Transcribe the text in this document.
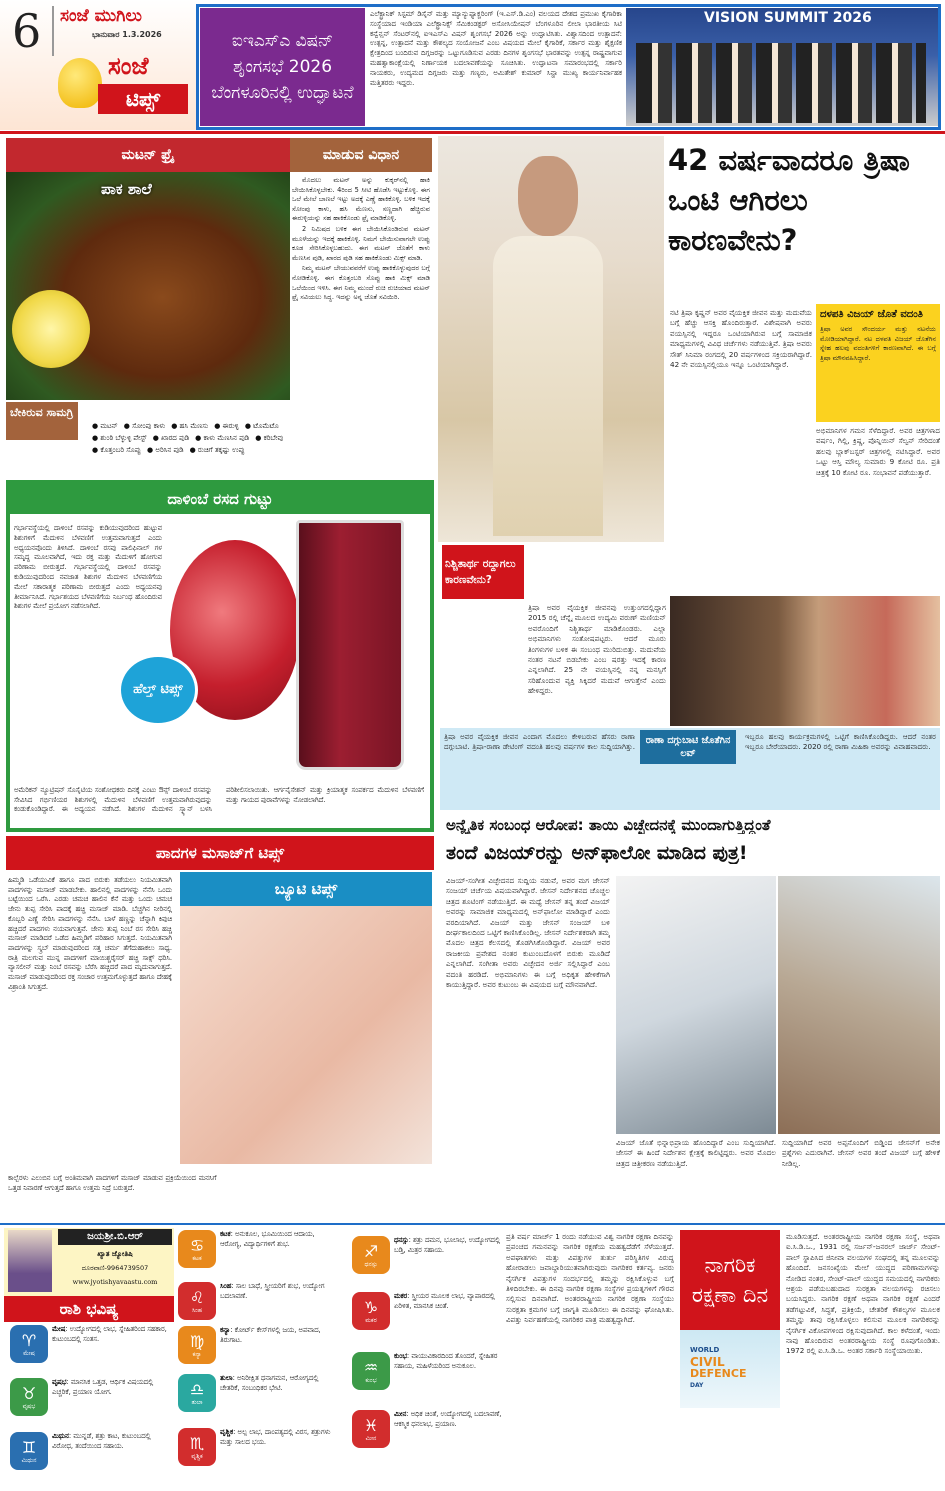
6 ಸಂಜೆ ಮುಗಿಲು
ಭಾನುವಾರ 1.3.2026
ಸಂಜೆ
ಟಿಪ್ಸ್
ಐಇಎಸ್‌ಎ ವಿಷನ್ ಶೃಂಗಸಭೆ 2026 ಬೆಂಗಳೂರಿನಲ್ಲಿ ಉದ್ಘಾಟನೆ
ಎಲೆಕ್ಟ್ರಾನಿಕ್ ಸಿಸ್ಟಮ್ ಡಿಸೈನ್ ಮತ್ತು ಮ್ಯಾನ್ಯುಫ್ಯಾಕ್ಚರಿಂಗ್ (ಇ.ಎಸ್.ಡಿ.ಎಂ) ವಲಯದ ದೇಶದ ಪ್ರಮುಖ ಕೈಗಾರಿಕಾ ಸಂಸ್ಥೆಯಾದ ಇಂಡಿಯಾ ಎಲೆಕ್ಟ್ರಾನಿಕ್ಸ್ ಸೆಮಿಕಂಡಕ್ಟರ್ ಅಸೋಸಿಯೇಷನ್ ಬೆಂಗಳೂರಿನ ಲೀಲಾ ಭಾರತೀಯ ಸಿಟಿ ಕನ್ವೆನ್ಷನ್ ಸೆಂಟರ್‌ನಲ್ಲಿ ಐಇಎಸ್‌ಎ ವಿಷನ್ ಶೃಂಗಸಭೆ 2026 ಅನ್ನು ಉದ್ಘಾಟಿಸಿತು. ವಿಶ್ವಾಸದಿಂದ ಉತ್ಪಾದನೆ: ಉತ್ಪನ್ನ, ಉತ್ಪಾದನೆ ಮತ್ತು ಕೌಶಲ್ಯದ ಸಂಯೋಜನೆ ಎಂಬ ವಿಷಯದ ಮೇಲೆ ಕೈಗಾರಿಕೆ, ಸರ್ಕಾರ ಮತ್ತು ಶೈಕ್ಷಣಿಕ ಕ್ಷೇತ್ರದಿಂದ ಬಂದಿರುವ ದಿಗ್ಗಜರನ್ನು ಒಟ್ಟುಗೂಡಿಸುವ ಎರಡು ದಿನಗಳ ಶೃಂಗಸಭೆ ಭಾರತವನ್ನು ಉತ್ಪನ್ನ ರಾಷ್ಟ್ರವಾಗುವ ಮಹತ್ವಾಕಾಂಕ್ಷೆಯಲ್ಲಿ ನಿರ್ಣಾಯಕ ಬದಲಾವಣೆಯನ್ನು ಸೂಚಿಸಿತು. ಉದ್ಘಾಟನಾ ಸಮಾರಂಭದಲ್ಲಿ ಸರ್ಕಾರಿ ನಾಯಕರು, ಉದ್ಯಮದ ದಿಗ್ಗಜರು ಮತ್ತು ಗಣ್ಯರು, ಅಮಿತೇಶ್ ಕುಮಾರ್ ಸಿನ್ಹಾ ಮುಖ್ಯ ಕಾರ್ಯನಿರ್ವಾಹಕ ಮತ್ತಿತರರು ಇದ್ದರು.
VISION SUMMIT 2026
ಮಟನ್ ಫ್ರೈ	ಮಾಡುವ ವಿಧಾನ
ಪಾಕ ಶಾಲೆ
ಬೇಕಿರುವ ಸಾಮಗ್ರಿ
● ಮಟನ್ ● ಸೋಂಪು ಕಾಳು ● ಹಸಿ ಮೆಣಸು ● ಈರುಳ್ಳಿ ● ಟೊಮೆಟೊ● ಶುಂಠಿ ಬೆಳ್ಳುಳ್ಳಿ ಪೇಸ್ಟ್ ● ಖಾರದ ಪುಡಿ ● ಕಾಳು ಮೆಣಸಿನ ಪುಡಿ ● ಕರಿಬೇವು● ಕೊತ್ತಂಬರಿ ಸೊಪ್ಪು ● ಅರಿಸಿನ ಪುಡಿ ● ರುಚಿಗೆ ತಕ್ಕಷ್ಟು ಉಪ್ಪು

ಮೊದಲು ಮಟನ್ ಅನ್ನು ಕುಕ್ಕರ್‌ನಲ್ಲಿ ಹಾಕಿ ಬೇಯಿಸಿಕೊಳ್ಳಬೇಕು. 4ರಿಂದ 5 ಸೀಟಿ ಹೊಡೆಸಿ ಇಟ್ಟುಕೊಳ್ಳಿ. ಈಗ ಒಲೆ ಮೇಲೆ ಬಾಣಲೆ ಇಟ್ಟು ಅದಕ್ಕೆ ಎಣ್ಣೆ ಹಾಕಿಕೊಳ್ಳಿ. ಬಳಿಕ ಇದಕ್ಕೆ ಸೋಂಪು ಕಾಳು, ಹಸಿ ಮೆಣಸು, ಸಣ್ಣದಾಗಿ ಹೆಚ್ಚಿರುವ ಈರುಳ್ಳಿಯನ್ನು ಸಹ ಹಾಕಿಕೊಂಡು ಫ್ರೈ ಮಾಡಿಕೊಳ್ಳಿ.

2 ನಿಮಿಷದ ಬಳಿಕ ಈಗ ಬೇಯಿಸಿಕೊಂಡಿರುವ ಮಟನ್ ಮೂಳೆಯನ್ನು ಇದಕ್ಕೆ ಹಾಕಿಕೊಳ್ಳಿ. ನಿಮಗೆ ಬೇಯಿಸುವಾಗಲೇ ಉಪ್ಪು ಕೂಡ ಸೇರಿಸಿಕೊಳ್ಳಬಹುದು. ಈಗ ಮಟನ್ ಜೊತೆಗೆ ಕಾಳು ಮೆಣಸಿನ ಪುಡಿ, ಖಾರದ ಪುಡಿ ಸಹ ಹಾಕಿಕೊಂಡು ಮಿಕ್ಸ್ ಮಾಡಿ.

ನಿಮ್ಮ ಮಟನ್ ಬೇಯುವವರೆಗೆ ಉಪ್ಪು ಹಾಕಿಕೊಳ್ಳುವುದರ ಬಗ್ಗೆ ನೋಡಿಕೊಳ್ಳಿ. ಈಗ ಕೊತ್ತಂಬರಿ ಸೊಪ್ಪು ಹಾಕಿ ಮಿಕ್ಸ್ ಮಾಡಿ ಒಲೆಯಿಂದ ಇಳಿಸಿ. ಈಗ ನಿಮ್ಮ ಮುಂದೆ ರುಚಿ ರುಚಿಯಾದ ಮಟನ್ ಫ್ರೈ ಸವಿಯಲು ಸಿದ್ಧ. ಇದನ್ನು ಅನ್ನ ಜೊತೆ ಸವಿಯಿರಿ.

ದಾಳಿಂಬೆ ರಸದ ಗುಟ್ಟು
ಗರ್ಭಾವಸ್ಥೆಯಲ್ಲಿ ದಾಳಿಂಬೆ ರಸವನ್ನು ಕುಡಿಯುವುದರಿಂದ ಹುಟ್ಟುವ ಶಿಶುಗಳಿಗೆ ಮೆದುಳಿನ ಬೆಳವಣಿಗೆ ಉತ್ತಮವಾಗುತ್ತದೆ ಎಂದು ಅಧ್ಯಯನವೊಂದು ತಿಳಿಸಿದೆ. ದಾಳಿಂಬೆ ರಸವು ಪಾಲಿಫಿನಾಲ್ ಗಳ ಸಮೃದ್ಧ ಮೂಲವಾಗಿದೆ, ಇದು ರಕ್ತ ಮತ್ತು ಮೆದುಳಿಗೆ ಹೋಗುವ ಪರಿಣಾಮ ಬೀರುತ್ತದೆ. ಗರ್ಭಾವಸ್ಥೆಯಲ್ಲಿ ದಾಳಿಂಬೆ ರಸವನ್ನು ಕುಡಿಯುವುದರಿಂದ ನವಜಾತ ಶಿಶುಗಳ ಮೆದುಳಿನ ಬೆಳವಣಿಗೆಯ ಮೇಲೆ ಸಕಾರಾತ್ಮಕ ಪರಿಣಾಮ ಬೀರುತ್ತದೆ ಎಂದು ಅಧ್ಯಯನವು ತೀರ್ಮಾನಿಸಿದೆ. ಗರ್ಭಾಶಯದ ಬೆಳವಣಿಗೆಯ ನಿರ್ಬಂಧ ಹೊಂದಿರುವ ಶಿಶುಗಳ ಮೇಲೆ ಪ್ರಯೋಗ ನಡೆಸಲಾಗಿದೆ.
ಹೆಲ್ತ್ ಟಿಪ್ಸ್
ಅಮೆರಿಕನ್ ನ್ಯೂಟ್ರಿಷನ್ ಸೊಸೈಟಿಯ ಸಂಶೋಧಕರು ದಿನಕ್ಕೆ ಎಂಟು ಔನ್ಸ್ ದಾಳಿಂಬೆ ರಸವನ್ನು ಸೇವಿಸಿದ ಗರ್ಭಿಣಿಯರ ಶಿಶುಗಳಲ್ಲಿ ಮೆದುಳಿನ ಬೆಳವಣಿಗೆ ಉತ್ತಮವಾಗಿರುವುದನ್ನು ಕಂಡುಕೊಂಡಿದ್ದಾರೆ. ಈ ಅಧ್ಯಯನ ನಡೆಸಿದೆ. ಶಿಶುಗಳ ಮೆದುಳಿನ ಸ್ಕ್ಯಾನ್ ಬಳಸಿ ಪರಿಶೀಲಿಸಲಾಯಿತು. ಆರ್ಗನೈಸೇಶನ್ ಮತ್ತು ಕ್ರಿಯಾತ್ಮಕ ಸಂಪರ್ಕದ ಮೆದುಳಿನ ಬೆಳವಣಿಗೆ ಮತ್ತು ಗಾಯದ ಪುರಾವೆಗಳನ್ನು ನೋಡಲಾಗಿದೆ.
ಪಾದಗಳ ಮಸಾಜ್‌ಗೆ ಟಿಪ್ಸ್
ಹಿಮ್ಮಡಿ ಒಡೆಯುವಿಕೆ ಹಾಗೂ ಪಾದ ಬಿರುಕು ತಡೆಯಲು ನಿಯಮಿತವಾಗಿ ಪಾದಗಳನ್ನು ಮಸಾಜ್ ಮಾಡಬೇಕು. ಹಾಲಿನಲ್ಲಿ ಪಾದಗಳನ್ನು ನೆನೆಸಿ ಒಂದು ಬಟ್ಟೆಯಿಂದ ಒರೆಸಿ. ಎರಡು ಚಮಚ ಹಾಲಿನ ಕೆನೆ ಮತ್ತು ಒಂದು ಚಮಚ ಜೇನು ತುಪ್ಪ ಸೇರಿಸಿ ಪಾದಕ್ಕೆ ಹಚ್ಚಿ ಮಸಾಜ್ ಮಾಡಿ. ಬೆಚ್ಚಗಿನ ನೀರಿನಲ್ಲಿ ಕೊಬ್ಬರಿ ಎಣ್ಣೆ ಸೇರಿಸಿ ಪಾದಗಳನ್ನು ನೆನೆಸಿ. ಬಾಳೆ ಹಣ್ಣನ್ನು ಚೆನ್ನಾಗಿ ಕಿವುಚಿ ಹಚ್ಚಿದರೆ ಪಾದಗಳು ನಯವಾಗುತ್ತವೆ. ಜೇನು ತುಪ್ಪ ನಿಂಬೆ ರಸ ಸೇರಿಸಿ ಹಚ್ಚಿ ಮಸಾಜ್ ಮಾಡಿದರೆ ಒಡೆದ ಹಿಮ್ಮಡಿಗೆ ಪರಿಹಾರ ಸಿಗುತ್ತದೆ. ನಿಯಮಿತವಾಗಿ ಪಾದಗಳನ್ನು ಸ್ಕ್ರಬ್ ಮಾಡುವುದರಿಂದ ಸತ್ತ ಚರ್ಮ ತೆಗೆದುಹಾಕಲು ಸಾಧ್ಯ. ರಾತ್ರಿ ಮಲಗುವ ಮುನ್ನ ಪಾದಗಳಿಗೆ ಮಾಯಿಶ್ಚರೈಸರ್ ಹಚ್ಚಿ ಸಾಕ್ಸ್ ಧರಿಸಿ. ವ್ಯಾಸಲೀನ್ ಮತ್ತು ನಿಂಬೆ ರಸವನ್ನು ಬೆರೆಸಿ ಹಚ್ಚಿದರೆ ಪಾದ ಮೃದುವಾಗುತ್ತದೆ. ಮಸಾಜ್ ಮಾಡುವುದರಿಂದ ರಕ್ತ ಸಂಚಾರ ಉತ್ತಮಗೊಳ್ಳುತ್ತದೆ ಹಾಗೂ ದೇಹಕ್ಕೆ ವಿಶ್ರಾಂತಿ ಸಿಗುತ್ತದೆ.
ಬ್ಯೂಟಿ ಟಿಪ್ಸ್
ಕಾಲ್ಬೆರಳು ಎಲುಬಿನ ಬಗ್ಗೆ ಅಂತಿಮವಾಗಿ ಪಾದಗಳಿಗೆ ಮಸಾಜ್ ಮಾಡುವ ಪ್ರಕ್ರಿಯೆಯಿಂದ ಮನಸಿಗೆ ಒತ್ತಡ ನಿವಾರಣೆ ಆಗುತ್ತದೆ ಹಾಗೂ ಉತ್ತಮ ನಿದ್ರೆ ಬರುತ್ತದೆ.
42 ವರ್ಷವಾದರೂ ತ್ರಿಷಾ ಒಂಟಿ ಆಗಿರಲು ಕಾರಣವೇನು?
ನಟಿ ತ್ರಿಷಾ ಕೃಷ್ಣನ್ ಅವರ ವೈಯಕ್ತಿಕ ಜೀವನ ಮತ್ತು ಮದುವೆಯ ಬಗ್ಗೆ ಹೆಚ್ಚು ಆಸಕ್ತಿ ಹೊಂದಿರುತ್ತಾರೆ. ವಿಶೇಷವಾಗಿ ಅವರು ವಯಸ್ಸಿನಲ್ಲಿ ಇದ್ದರೂ ಒಂಟಿಯಾಗಿರುವ ಬಗ್ಗೆ ಸಾಮಾಜಿಕ ಮಾಧ್ಯಮಗಳಲ್ಲಿ ವಿವಿಧ ಚರ್ಚೆಗಳು ನಡೆಯುತ್ತಿವೆ. ತ್ರಿಷಾ ಅವರು ಸೌತ್ ಸಿನಿಮಾ ರಂಗದಲ್ಲಿ 20 ವರ್ಷಗಳಿಂದ ಸಕ್ರಿಯರಾಗಿದ್ದಾರೆ. 42 ನೇ ವಯಸ್ಸಿನಲ್ಲಿಯೂ ಇನ್ನೂ ಒಂಟಿಯಾಗಿದ್ದಾರೆ.
ದಳಪತಿ ವಿಜಯ್ ಜೊತೆ ವದಂತಿ
ತ್ರಿಷಾ ಅವರ ಸೌಂದರ್ಯ ಮತ್ತು ನಟನೆಯ ಮೋಡಿಯಾಗಿದ್ದಾರೆ. ನಟ ದಳಪತಿ ವಿಜಯ್ ಜೊತೆಗಿನ ಸ್ನೇಹ ಹಲವು ವದಂತಿಗಳಿಗೆ ಕಾರಣವಾಗಿದೆ. ಈ ಬಗ್ಗೆ ತ್ರಿಷಾ ಮೌನವಹಿಸಿದ್ದಾರೆ.
ಅಭಿಮಾನಿಗಳ ಗಮನ ಸೆಳೆದಿದ್ದಾರೆ. ಅವರ ಚಿತ್ರಗಳಾದ ವರ್ಷಂ, ಗಿಲ್ಲಿ, ಕ್ರಿಷ್ಣ, ಪೊನ್ನಿಯಿನ್ ಸೆಲ್ವನ್ ಸೇರಿದಂತೆ ಹಲವು ಬ್ಲಾಕ್‌ಬಸ್ಟರ್ ಚಿತ್ರಗಳಲ್ಲಿ ನಟಿಸಿದ್ದಾರೆ. ಅವರ ಒಟ್ಟು ಆಸ್ತಿ ಮೌಲ್ಯ ಸುಮಾರು 9 ಕೋಟಿ ರೂ. ಪ್ರತಿ ಚಿತ್ರಕ್ಕೆ 10 ಕೋಟಿ ರೂ. ಸಂಭಾವನೆ ಪಡೆಯುತ್ತಾರೆ.
ನಿಶ್ಚಿತಾರ್ಥ ರದ್ದಾಗಲು ಕಾರಣವೇನು?
ತ್ರಿಷಾ ಅವರ ವೈಯಕ್ತಿಕ ಜೀವನವು ಉತ್ತುಂಗದಲ್ಲಿದ್ದಾಗ 2015 ರಲ್ಲಿ ಚೆನ್ನೈ ಮೂಲದ ಉದ್ಯಮಿ ವರುಣ್ ಮಣಿಯನ್ ಅವರೊಂದಿಗೆ ನಿಶ್ಚಿತಾರ್ಥ ಮಾಡಿಕೊಂಡರು. ಎಲ್ಲಾ ಅಭಿಮಾನಿಗಳು ಸಂತೋಷಪಟ್ಟರು. ಆದರೆ ಮೂರು ತಿಂಗಳುಗಳ ಬಳಿಕ ಈ ಸಂಬಂಧ ಮುರಿದುಬಿತ್ತು. ಮದುವೆಯ ನಂತರ ನಟನೆ ಬಿಡಬೇಕು ಎಂಬ ಷರತ್ತು ಇದಕ್ಕೆ ಕಾರಣ ಎನ್ನಲಾಗಿದೆ. 25 ನೇ ವಯಸ್ಸಿನಲ್ಲಿ ನನ್ನ ಮನಸ್ಸಿಗೆ ಸರಿಹೊಂದುವ ವ್ಯಕ್ತಿ ಸಿಕ್ಕಿದರೆ ಮದುವೆ ಆಗುತ್ತೇನೆ ಎಂದು ಹೇಳಿದ್ದರು.
ರಾಣಾ ದಗ್ಗುಬಾಟಿ ಜೊತೆಗಿನ ಲವ್
ತ್ರಿಷಾ ಅವರ ವೈಯಕ್ತಿಕ ಜೀವನ ಎಂದಾಗ ಮೊದಲು ಕೇಳಿಬರುವ ಹೆಸರು ರಾಣಾ ದಗ್ಗುಬಾಟಿ. ತ್ರಿಷಾ-ರಾಣಾ ಡೇಟಿಂಗ್ ವದಂತಿ ಹಲವು ವರ್ಷಗಳ ಕಾಲ ಸುದ್ದಿಯಾಗಿತ್ತು. ಇಬ್ಬರೂ ಹಲವು ಕಾರ್ಯಕ್ರಮಗಳಲ್ಲಿ ಒಟ್ಟಿಗೆ ಕಾಣಿಸಿಕೊಂಡಿದ್ದರು. ಆದರೆ ನಂತರ ಇಬ್ಬರೂ ಬೇರೆಯಾದರು. 2020 ರಲ್ಲಿ ರಾಣಾ ಮಿಹಿಕಾ ಅವರನ್ನು ವಿವಾಹವಾದರು.
ಅನ್ಯೈತಿಕ ಸಂಬಂಧ ಆರೋಪ: ತಾಯಿ ವಿಚ್ಛೇದನಕ್ಕೆ ಮುಂದಾಗುತ್ತಿದ್ದಂತೆ
ತಂದೆ ವಿಜಯ್‌ರನ್ನು ಅನ್‌ಫಾಲೋ ಮಾಡಿದ ಪುತ್ರ!
ವಿಜಯ್-ಸಂಗೀತ ವಿಚ್ಛೇದನದ ಸುದ್ದಿಯ ನಡುವೆ, ಅವರ ಮಗ ಜೇಸನ್ ಸಂಜಯ್ ಚರ್ಚೆಯ ವಿಷಯವಾಗಿದ್ದಾರೆ. ಜೇಸನ್ ನಿರ್ದೇಶನದ ಚೊಚ್ಚಲ ಚಿತ್ರದ ಶೂಟಿಂಗ್ ನಡೆಯುತ್ತಿದೆ. ಈ ಮಧ್ಯೆ ಜೇಸನ್ ತನ್ನ ತಂದೆ ವಿಜಯ್ ಅವರನ್ನು ಸಾಮಾಜಿಕ ಮಾಧ್ಯಮದಲ್ಲಿ ಅನ್‌ಫಾಲೋ ಮಾಡಿದ್ದಾರೆ ಎಂದು ವರದಿಯಾಗಿದೆ. ವಿಜಯ್ ಮತ್ತು ಜೇಸನ್ ಸಂಜಯ್ ಬಳಿ ದೀರ್ಘಕಾಲದಿಂದ ಒಟ್ಟಿಗೆ ಕಾಣಿಸಿಕೊಂಡಿಲ್ಲ. ಜೇಸನ್ ನಿರ್ದೇಶಕರಾಗಿ ತಮ್ಮ ಮೊದಲ ಚಿತ್ರದ ಕೆಲಸದಲ್ಲಿ ತೊಡಗಿಸಿಕೊಂಡಿದ್ದಾರೆ. ವಿಜಯ್ ಅವರ ರಾಜಕೀಯ ಪ್ರವೇಶದ ನಂತರ ಕುಟುಂಬದೊಳಗೆ ಬಿರುಕು ಮೂಡಿದೆ ಎನ್ನಲಾಗಿದೆ. ಸಂಗೀತಾ ಅವರು ವಿಚ್ಛೇದನ ಅರ್ಜಿ ಸಲ್ಲಿಸಿದ್ದಾರೆ ಎಂಬ ವದಂತಿ ಹರಡಿದೆ. ಅಭಿಮಾನಿಗಳು ಈ ಬಗ್ಗೆ ಅಧಿಕೃತ ಹೇಳಿಕೆಗಾಗಿ ಕಾಯುತ್ತಿದ್ದಾರೆ. ಅವರ ಕುಟುಂಬ ಈ ವಿಷಯದ ಬಗ್ಗೆ ಮೌನವಾಗಿದೆ.
ವಿಜಯ್ ಜೊತೆ ಭಿನ್ನಾಭಿಪ್ರಾಯ ಹೊಂದಿದ್ದಾರೆ ಎಂಬ ಸುದ್ದಿಯಾಗಿದೆ. ಜೇಸನ್ ಈ ಹಿಂದೆ ನಿರ್ದೇಶನ ಕ್ಷೇತ್ರಕ್ಕೆ ಕಾಲಿಟ್ಟಿದ್ದರು. ಅವರ ಮೊದಲ ಚಿತ್ರದ ಚಿತ್ರೀಕರಣ ನಡೆಯುತ್ತಿದೆ.
ಸುದ್ದಿಯಾಗಿದೆ ಅವರ ಅಪ್ಪನೊಂದಿಗೆ ಬಿಡ್ಡಿಂದ ಜೇಸನ್‌ಗೆ ಅನೇಕ ಪ್ರಶ್ನೆಗಳು ಎದುರಾಗಿವೆ. ಜೇಸನ್ ಅವರ ತಂದೆ ವಿಜಯ್ ಬಗ್ಗೆ ಹೇಳಿಕೆ ನೀಡಿಲ್ಲ.
ಜಯಶ್ರೀ.ಬಿ.ಆರ್
ಖ್ಯಾತ ಜ್ಯೋತಿಷಿ
ದೂರವಾಣಿ-9964739507
www.jyotishyavaastu.com
ರಾಶಿ ಭವಿಷ್ಯ
♈
ಮೇಷ
ಮೇಷ: ಉದ್ಯೋಗದಲ್ಲಿ ಲಾಭ, ಸ್ನೇಹಿತರಿಂದ ಸಹಕಾರ, ಕುಟುಂಬದಲ್ಲಿ ಸಂತಸ.
♉
ವೃಷಭ
ವೃಷಭ: ಮಾನಸಿಕ ಒತ್ತಡ, ಆರ್ಥಿಕ ವಿಷಯದಲ್ಲಿ ಎಚ್ಚರಿಕೆ, ಪ್ರಯಾಣ ಯೋಗ.
♊
ಮಿಥುನ
ಮಿಥುನ: ಮುನ್ನಡೆ, ಶತ್ರು ಕಾಟ, ಕುಟುಂಬದಲ್ಲಿ ವಿರೋಧ, ತಂದೆಯಿಂದ ಸಹಾಯ.
♋
ಕಟಕ
ಕಟಕ: ಅನುಕೂಲ, ಭೂಮಿಯಿಂದ ಆದಾಯ, ಆರೋಗ್ಯ, ವಿದ್ಯಾರ್ಥಿಗಳಿಗೆ ಶುಭ.
♌
ಸಿಂಹ
ಸಿಂಹ: ಸಾಲ ಬಾಧೆ, ಸ್ತ್ರೀಯರಿಗೆ ಶುಭ, ಉದ್ಯೋಗ ಬದಲಾವಣೆ.
♍
ಕನ್ಯಾ
ಕನ್ಯಾ: ಕೋರ್ಟ್ ಕೇಸ್‌ಗಳಲ್ಲಿ ಜಯ, ಅಪವಾದ, ತಿರುಗಾಟ.
♎
ತುಲಾ
ತುಲಾ: ಅನಿರೀಕ್ಷಿತ ಧನಾಗಮನ, ಆರೋಗ್ಯದಲ್ಲಿ ಚೇತರಿಕೆ, ಸಂಬಂಧಿಕರ ಭೇಟಿ.
♏
ವೃಶ್ಚಿಕ
ವೃಶ್ಚಿಕ: ಅಲ್ಪ ಲಾಭ, ದಾಂಪತ್ಯದಲ್ಲಿ ವಿರಸ, ಶತ್ರುಗಳು ಮತ್ತು ಸಾಲದ ಭಯ.
♐
ಧನಸ್ಸು
ಧನಸ್ಸು: ಶತ್ರು ದಮನ, ಭೂಲಾಭ, ಉದ್ಯೋಗದಲ್ಲಿ ಬಡ್ತಿ, ಮಿತ್ರರ ಸಹಾಯ.
♑
ಮಕರ
ಮಕರ: ಸ್ತ್ರೀಯರ ಮೂಲಕ ಲಾಭ, ವ್ಯಾಪಾರದಲ್ಲಿ ಏರಿಳಿತ, ಮಾನಸಿಕ ಚಿಂತೆ.
♒
ಕುಂಭ
ಕುಂಭ: ವಾಯುವಿಕಾರದಿಂದ ತೊಂದರೆ, ಸ್ನೇಹಿತರ ಸಹಾಯ, ಮಹಿಳೆಯರಿಂದ ಅನುಕೂಲ.
♓
ಮೀನ
ಮೀನ: ಅಧಿಕ ಚಿಂತೆ, ಉದ್ಯೋಗದಲ್ಲಿ ಬದಲಾವಣೆ, ಆಕಸ್ಮಿಕ ಧನಲಾಭ, ಪ್ರಯಾಣ.
ಪ್ರತಿ ವರ್ಷ ಮಾರ್ಚ್ 1 ರಂದು ನಡೆಯುವ ವಿಶ್ವ ನಾಗರಿಕ ರಕ್ಷಣಾ ದಿನವನ್ನು ಪ್ರಪಂಚದ ಗಮನವನ್ನು ನಾಗರಿಕ ರಕ್ಷಣೆಯ ಮಹತ್ವದೆಡೆಗೆ ಸೆಳೆಯುತ್ತದೆ. ಅಪಘಾತಗಳು ಮತ್ತು ವಿಪತ್ತುಗಳ ತುರ್ತು ಪರಿಸ್ಥಿತಿಗಳ ವಿರುದ್ಧ ಹೋರಾಡಲು ಜವಾಬ್ದಾರಿಯುತವಾಗಿರುವುದು ನಾಗರಿಕರ ಕರ್ತವ್ಯ. ಜನರು ನೈಸರ್ಗಿಕ ವಿಪತ್ತುಗಳ ಸಂದರ್ಭದಲ್ಲಿ ತಮ್ಮನ್ನು ರಕ್ಷಿಸಿಕೊಳ್ಳುವ ಬಗ್ಗೆ ತಿಳಿದಿರಬೇಕು. ಈ ದಿನವು ನಾಗರಿಕ ರಕ್ಷಣಾ ಸಂಸ್ಥೆಗಳ ಪ್ರಯತ್ನಗಳಿಗೆ ಗೌರವ ಸಲ್ಲಿಸುವ ದಿನವಾಗಿದೆ. ಅಂತರರಾಷ್ಟ್ರೀಯ ನಾಗರಿಕ ರಕ್ಷಣಾ ಸಂಸ್ಥೆಯು ಸುರಕ್ಷತಾ ಕ್ರಮಗಳ ಬಗ್ಗೆ ಜಾಗೃತಿ ಮೂಡಿಸಲು ಈ ದಿನವನ್ನು ಘೋಷಿಸಿತು. ವಿಪತ್ತು ನಿರ್ವಹಣೆಯಲ್ಲಿ ನಾಗರಿಕರ ಪಾತ್ರ ಮಹತ್ವದ್ದಾಗಿದೆ.
ನಾಗರಿಕ ರಕ್ಷಣಾ ದಿನ
WORLD
CIVIL
DEFENCE
DAY
ಮೂಡಿಸುತ್ತದೆ. ಅಂತರರಾಷ್ಟ್ರೀಯ ನಾಗರಿಕ ರಕ್ಷಣಾ ಸಂಸ್ಥೆ, ಅಥವಾ ಐ.ಸಿ.ಡಿ.ಒ., 1931 ರಲ್ಲಿ ಸರ್ಜನ್-ಜನರಲ್ ಜಾರ್ಜ್ ಸೇಂಟ್-ಪಾಲ್ ಸ್ಥಾಪಿಸಿದ ಜಿನೀವಾ ವಲಯಗಳ ಸಂಘದಲ್ಲಿ ತನ್ನ ಮೂಲವನ್ನು ಹೊಂದಿದೆ. ಜನಸಂಖ್ಯೆಯ ಮೇಲೆ ಯುದ್ಧದ ಪರಿಣಾಮಗಳನ್ನು ನೋಡಿದ ನಂತರ, ಸೇಂಟ್-ಪಾಲ್ ಯುದ್ಧದ ಸಮಯದಲ್ಲಿ ನಾಗರಿಕರು ಆಶ್ರಯ ಪಡೆಯಬಹುದಾದ ಸುರಕ್ಷತಾ ವಲಯಗಳನ್ನು ರಚಿಸಲು ಬಯಸಿದ್ದರು. ನಾಗರಿಕ ರಕ್ಷಣೆ ಅಥವಾ ನಾಗರಿಕ ರಕ್ಷಣೆ ಎಂದರೆ ತಡೆಗಟ್ಟುವಿಕೆ, ಸಿದ್ಧತೆ, ಪ್ರತಿಕ್ರಿಯೆ, ಚೇತರಿಕೆ ಕೌಶಲ್ಯಗಳ ಮೂಲಕ ತಮ್ಮನ್ನು ತಾವು ರಕ್ಷಿಸಿಕೊಳ್ಳಲು ಕಲಿಸುವ ಮೂಲಕ ನಾಗರಿಕರನ್ನು ನೈಸರ್ಗಿಕ ವಿಕೋಪಗಳಿಂದ ರಕ್ಷಿಸುವುದಾಗಿದೆ. ಕಾಲ ಕಳೆದಂತೆ, ಇಂದು ನಾವು ಹೊಂದಿರುವ ಅಂತರರಾಷ್ಟ್ರೀಯ ಸಂಸ್ಥೆ ರೂಪುಗೊಂಡಿತು. 1972 ರಲ್ಲಿ ಐ.ಸಿ.ಡಿ.ಒ. ಅಂತರ ಸರ್ಕಾರಿ ಸಂಸ್ಥೆಯಾಯಿತು.
